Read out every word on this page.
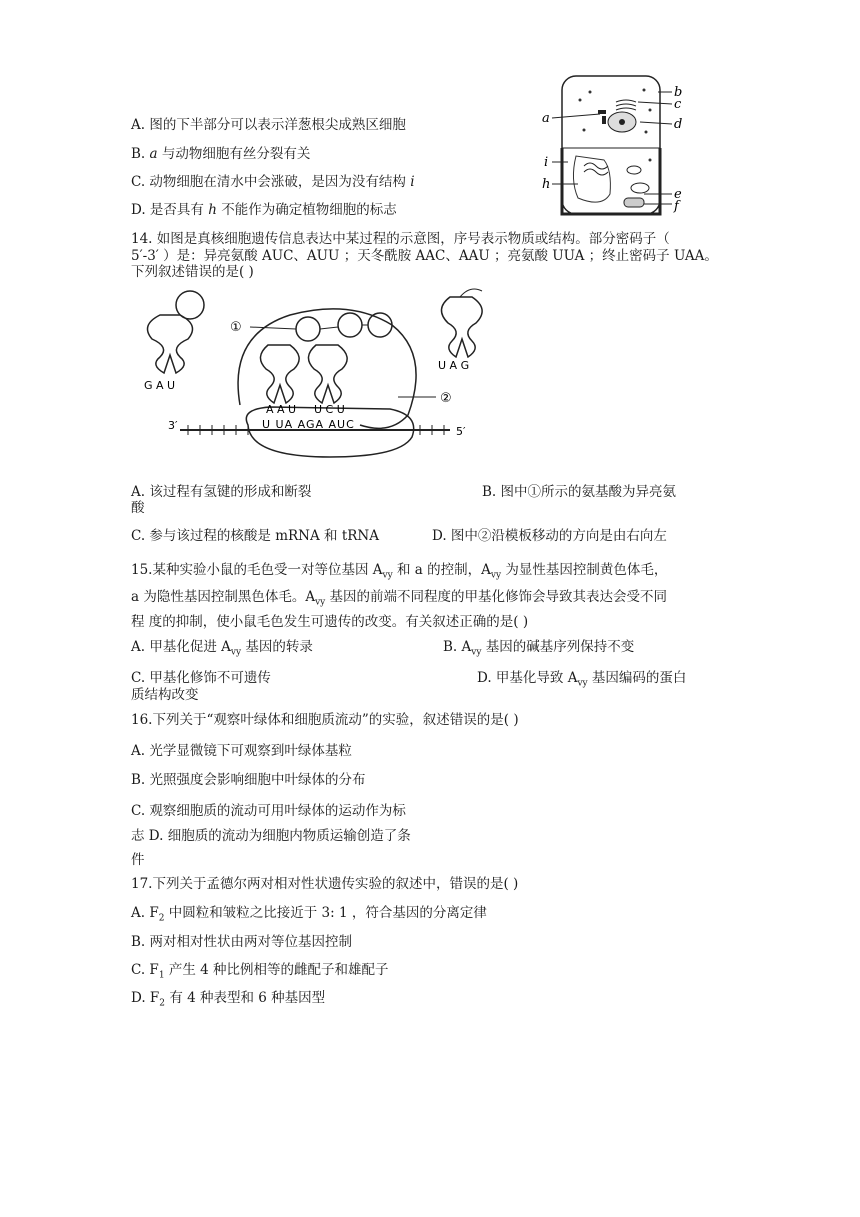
A. 图的下半部分可以表示洋葱根尖成熟区细胞
B. a 与动物细胞有丝分裂有关
C. 动物细胞在清水中会涨破，是因为没有结构 i
D. 是否具有 h 不能作为确定植物细胞的标志
b
c
d
a
i
h
e
f
14. 如图是真核细胞遗传信息表达中某过程的示意图，序号表示物质或结构。部分密码子（
5′-3′ ）是：异亮氨酸 AUC、AUU ；天冬酰胺 AAC、AAU ；亮氨酸 UUA ；终止密码子 UAA。
下列叙述错误的是( )
3′	5′
U UA AGA AUC
①
G A U
A A U U C U
U A G
②
A. 该过程有氢键的形成和断裂	B. 图中①所示的氨基酸为异亮氨
酸
C. 参与该过程的核酸是 mRNA 和 tRNA	D. 图中②沿模板移动的方向是由右向左
15.某种实验小鼠的毛色受一对等位基因 $A_{vy}$ 和 a 的控制，$A_{vy}$ 为显性基因控制黄色体毛，
a 为隐性基因控制黑色体毛。$A_{vy}$ 基因的前端不同程度的甲基化修饰会导致其表达会受不同
程 度的抑制，使小鼠毛色发生可遗传的改变。有关叙述正确的是( )
A. 甲基化促进 $A_{vy}$ 基因的转录	B. $A_{vy}$ 基因的碱基序列保持不变
C. 甲基化修饰不可遗传	D. 甲基化导致 $A_{vy}$ 基因编码的蛋白
质结构改变
16.下列关于“观察叶绿体和细胞质流动”的实验，叙述错误的是( )
A. 光学显微镜下可观察到叶绿体基粒
B. 光照强度会影响细胞中叶绿体的分布
C. 观察细胞质的流动可用叶绿体的运动作为标
志 D. 细胞质的流动为细胞内物质运输创造了条
件
17.下列关于孟德尔两对相对性状遗传实验的叙述中，错误的是( )
A. $F_2$ 中圆粒和皱粒之比接近于 3: 1 ，符合基因的分离定律
B. 两对相对性状由两对等位基因控制
C. $F_1$ 产生 4 种比例相等的雌配子和雄配子
D. $F_2$ 有 4 种表型和 6 种基因型
